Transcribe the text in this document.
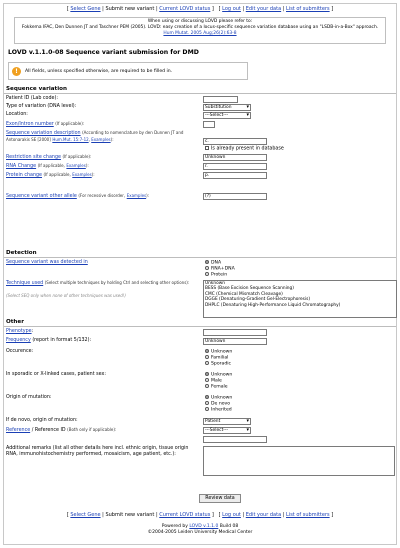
[ Select Gene | Submit new variant | Current LOVD status ]   [ Log out | Edit your data | List of submitters ]
When using or discussing LOVD please refer to:
Fokkema IFAC, Den Dunnen JT and Taschner PEM (2005). LOVD: easy creation of a locus-specific sequence variation database using an "LSDB-in-a-Box" approach.
Hum Mutat. 2005 Aug;26(2):63-8
LOVD v.1.1.0-08 Sequence variant submission for DMD
!	All fields, unless specified otherwise, are required to be filled in.
Sequence variation
Patient ID (Lab code):
Type of variation (DNA level):	Substitution ▾
Location:	---Select--- ▾
Exon/Intron number (If applicable):
Sequence variation description (According to nomenclature by den Dunnen JT and Antonarakis SE [2000] Hum.Mut. 15:7-12, Examples):	c.
Is already present in database
Restriction site change (If applicable):	Unknown
RNA Change (If applicable, Examples):	r.
Protein change (If applicable, Examples):	p.
Sequence variant other allele (For recessive disorder, Examples):	(?)
Detection
Sequence variant was detected in	DNA
RNA+DNA
Protein
Technique used (Select multiple techniques by holding Ctrl and selecting other options):	Unknown
BESS (Base Excision Sequence Scanning)
CMC (Chemical Mismatch Cleavage)
DGGE (Denaturing-Gradient Gel-Electrophoresis)
DHPLC (Denaturing High-Performance Liquid Chromatography)
(Select SEQ only when none of other techniques was used!)
Other
Phenotype:
Frequency (report in format 5/132):	Unknown
Occurence:	Unknown
Familial
Sporadic
In sporadic or X-linked cases, patient sex:	Unknown
Male
Female
Origin of mutation:	Unknown
De novo
Inherited
If de novo, origin of mutation:	Patient ▾
Reference / Reference ID (Both only if applicable):	---Select--- ▾
Additional remarks (list all other details here incl. ethnic origin, tissue origin RNA, immunohistochemistry performed, mosaicism, age patient, etc.):
Review data
[ Select Gene | Submit new variant | Current LOVD status ]   [ Log out | Edit your data | List of submitters ]
Powered by LOVD v.1.1.0 Build 08
©2004-2005 Leiden University Medical Center
